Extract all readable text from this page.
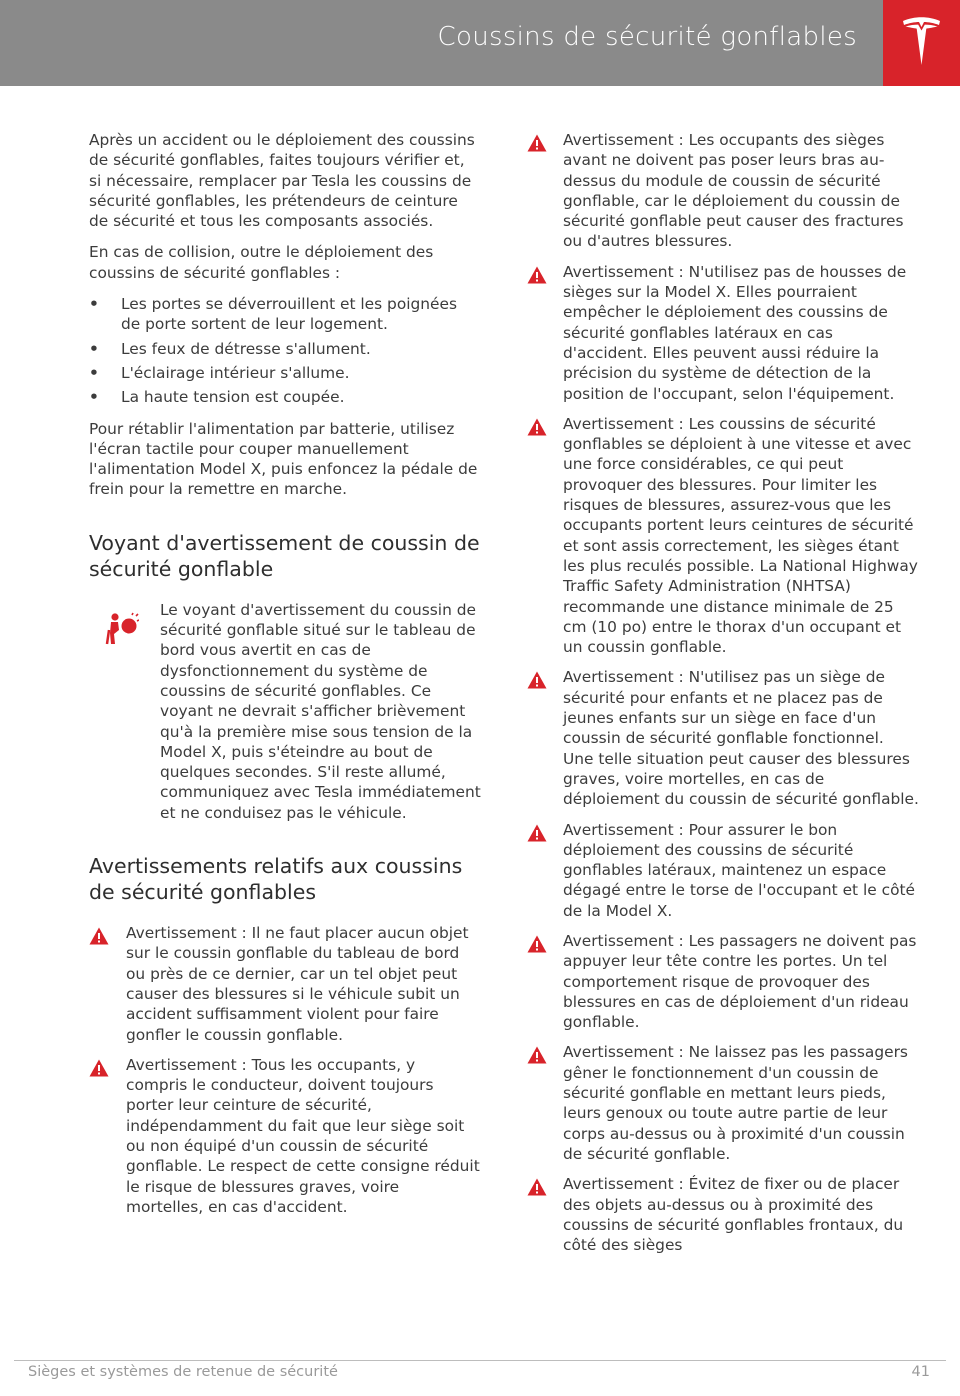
Coussins de sécurité gonflables

Après un accident ou le déploiement des coussins de sécurité gonflables, faites toujours vérifier et, si nécessaire, remplacer par Tesla les coussins de sécurité gonflables, les prétendeurs de ceinture de sécurité et tous les composants associés.

En cas de collision, outre le déploiement des coussins de sécurité gonflables :

• Les portes se déverrouillent et les poignées de porte sortent de leur logement.
• Les feux de détresse s'allument.
• L'éclairage intérieur s'allume.
• La haute tension est coupée.

Pour rétablir l'alimentation par batterie, utilisez l'écran tactile pour couper manuellement l'alimentation Model X, puis enfoncez la pédale de frein pour la remettre en marche.

Voyant d'avertissement de coussin de sécurité gonflable
Le voyant d'avertissement du coussin de sécurité gonflable situé sur le tableau de bord vous avertit en cas de dysfonctionnement du système de coussins de sécurité gonflables. Ce voyant ne devrait s'afficher brièvement qu'à la première mise sous tension de la Model X, puis s'éteindre au bout de quelques secondes. S'il reste allumé, communiquez avec Tesla immédiatement et ne conduisez pas le véhicule.
Avertissements relatifs aux coussins de sécurité gonflables
Avertissement : Il ne faut placer aucun objet sur le coussin gonflable du tableau de bord ou près de ce dernier, car un tel objet peut causer des blessures si le véhicule subit un accident suffisamment violent pour faire gonfler le coussin gonflable.
Avertissement : Tous les occupants, y compris le conducteur, doivent toujours porter leur ceinture de sécurité, indépendamment du fait que leur siège soit ou non équipé d'un coussin de sécurité gonflable. Le respect de cette consigne réduit le risque de blessures graves, voire mortelles, en cas d'accident.
Avertissement : Les occupants des sièges avant ne doivent pas poser leurs bras au-dessus du module de coussin de sécurité gonflable, car le déploiement du coussin de sécurité gonflable peut causer des fractures ou d'autres blessures.
Avertissement : N'utilisez pas de housses de sièges sur la Model X. Elles pourraient empêcher le déploiement des coussins de sécurité gonflables latéraux en cas d'accident. Elles peuvent aussi réduire la précision du système de détection de la position de l'occupant, selon l'équipement.
Avertissement : Les coussins de sécurité gonflables se déploient à une vitesse et avec une force considérables, ce qui peut provoquer des blessures. Pour limiter les risques de blessures, assurez-vous que les occupants portent leurs ceintures de sécurité et sont assis correctement, les sièges étant les plus reculés possible. La National Highway Traffic Safety Administration (NHTSA) recommande une distance minimale de 25 cm (10 po) entre le thorax d'un occupant et un coussin gonflable.
Avertissement : N'utilisez pas un siège de sécurité pour enfants et ne placez pas de jeunes enfants sur un siège en face d'un coussin de sécurité gonflable fonctionnel. Une telle situation peut causer des blessures graves, voire mortelles, en cas de déploiement du coussin de sécurité gonflable.
Avertissement : Pour assurer le bon déploiement des coussins de sécurité gonflables latéraux, maintenez un espace dégagé entre le torse de l'occupant et le côté de la Model X.
Avertissement : Les passagers ne doivent pas appuyer leur tête contre les portes. Un tel comportement risque de provoquer des blessures en cas de déploiement d'un rideau gonflable.
Avertissement : Ne laissez pas les passagers gêner le fonctionnement d'un coussin de sécurité gonflable en mettant leurs pieds, leurs genoux ou toute autre partie de leur corps au-dessus ou à proximité d'un coussin de sécurité gonflable.
Avertissement : Évitez de fixer ou de placer des objets au-dessus ou à proximité des coussins de sécurité gonflables frontaux, du côté des sièges
Sièges et systèmes de retenue de sécurité	41
